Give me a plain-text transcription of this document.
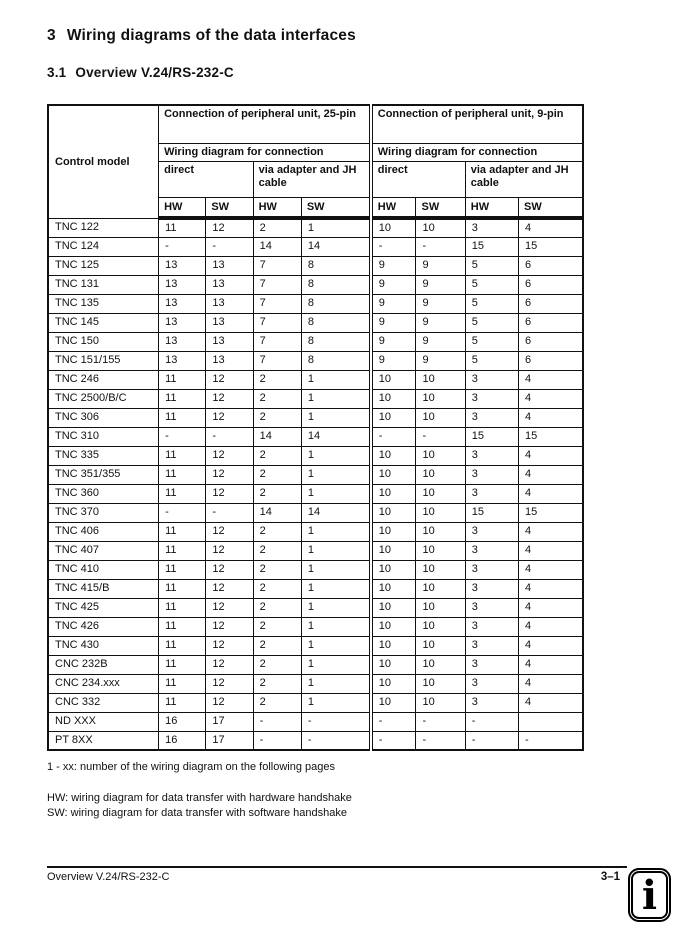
3 Wiring diagrams of the data interfaces
3.1 Overview V.24/RS-232-C
Control model	Connection of peripheral unit, 25-pin				Connection of peripheral unit, 9-pin			
	Wiring diagram for connection				Wiring diagram for connection			
	direct		via adapter and JH cable		direct		via adapter and JH cable	
	HW	SW	HW	SW	HW	SW	HW	SW
TNC 122	11	12	2	1	10	10	3	4
TNC 124	-	-	14	14	-	-	15	15
TNC 125	13	13	7	8	9	9	5	6
TNC 131	13	13	7	8	9	9	5	6
TNC 135	13	13	7	8	9	9	5	6
TNC 145	13	13	7	8	9	9	5	6
TNC 150	13	13	7	8	9	9	5	6
TNC 151/155	13	13	7	8	9	9	5	6
TNC 246	11	12	2	1	10	10	3	4
TNC 2500/B/C	11	12	2	1	10	10	3	4
TNC 306	11	12	2	1	10	10	3	4
TNC 310	-	-	14	14	-	-	15	15
TNC 335	11	12	2	1	10	10	3	4
TNC 351/355	11	12	2	1	10	10	3	4
TNC 360	11	12	2	1	10	10	3	4
TNC 370	-	-	14	14	10	10	15	15
TNC 406	11	12	2	1	10	10	3	4
TNC 407	11	12	2	1	10	10	3	4
TNC 410	11	12	2	1	10	10	3	4
TNC 415/B	11	12	2	1	10	10	3	4
TNC 425	11	12	2	1	10	10	3	4
TNC 426	11	12	2	1	10	10	3	4
TNC 430	11	12	2	1	10	10	3	4
CNC 232B	11	12	2	1	10	10	3	4
CNC 234.xxx	11	12	2	1	10	10	3	4
CNC 332	11	12	2	1	10	10	3	4
ND XXX	16	17	-	-	-	-	-	
PT 8XX	16	17	-	-	-	-	-	-
1 - xx: number of the wiring diagram on the following pages
HW: wiring diagram for data transfer with hardware handshake
SW: wiring diagram for data transfer with software handshake
Overview V.24/RS-232-C	3–1 i
